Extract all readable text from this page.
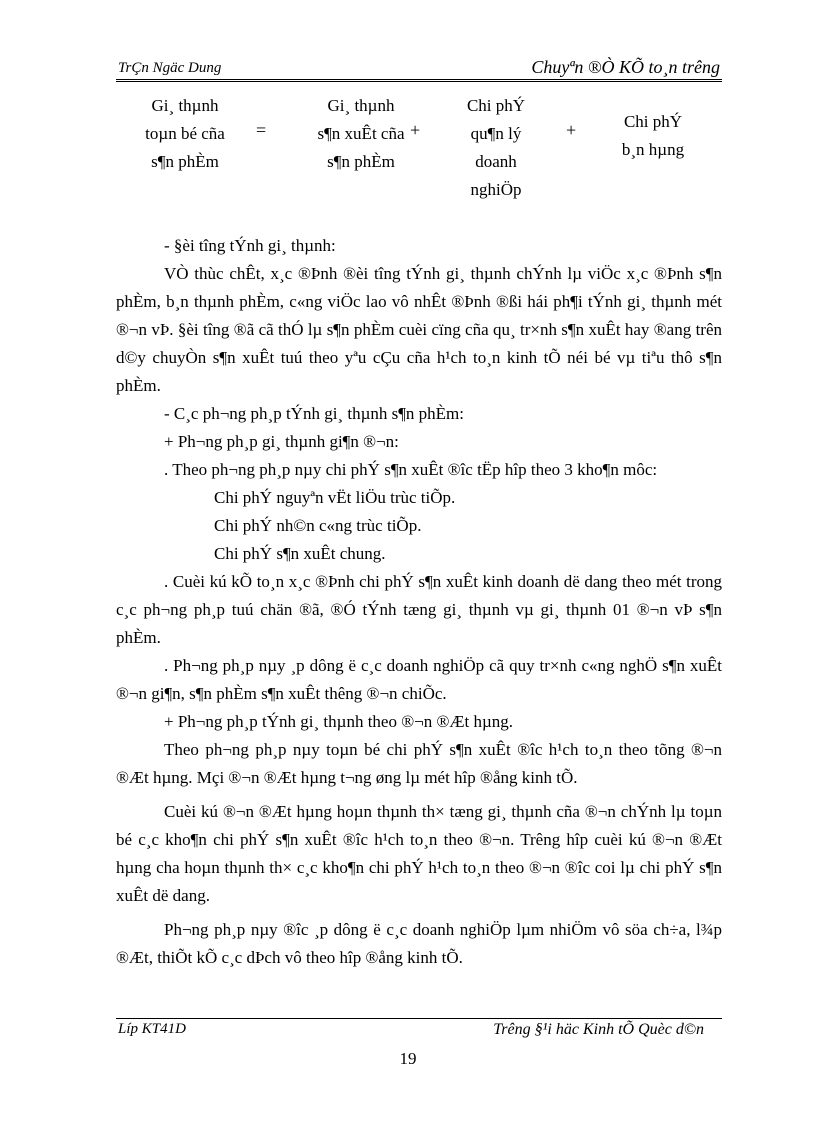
TrÇn Ngäc Dung	Chuyªn ®Ò KÕ to¸n trêng
Gi¸ thµnh
toµn bé cña
s¶n phÈm
=
Gi¸ thµnh
s¶n xuÊt cña
s¶n phÈm
+
Chi phÝ
qu¶n lý
doanh
nghiÖp
+	Chi phÝ
b¸n hµng

- §èi tîng tÝnh gi¸ thµnh:

VÒ thùc chÊt, x¸c ®Þnh ®èi tîng tÝnh gi¸ thµnh chÝnh lµ viÖc x¸c ®Þnh s¶n phÈm, b¸n thµnh phÈm, c«ng viÖc lao vô nhÊt ®Þnh ®ßi hái ph¶i tÝnh gi¸ thµnh mét ®¬n vÞ. §èi tîng ®ã cã thÓ lµ s¶n phÈm cuèi cïng cña qu¸ tr×nh s¶n xuÊt hay ®ang trên d©y chuyÒn s¶n xuÊt tuú theo yªu cÇu cña h¹ch to¸n kinh tÕ néi bé vµ tiªu thô s¶n phÈm.

- C¸c ph¬ng ph¸p tÝnh gi¸ thµnh s¶n phÈm:

+ Ph¬ng ph¸p gi¸ thµnh gi¶n ®¬n:

. Theo ph¬ng ph¸p nµy chi phÝ s¶n xuÊt ®îc tËp hîp theo 3 kho¶n môc:

Chi phÝ nguyªn vËt liÖu trùc tiÕp.

Chi phÝ nh©n c«ng trùc tiÕp.

Chi phÝ s¶n xuÊt chung.

. Cuèi kú kÕ to¸n x¸c ®Þnh chi phÝ s¶n xuÊt kinh doanh dë dang theo mét trong c¸c ph¬ng ph¸p tuú chän ®ã, ®Ó tÝnh tæng gi¸ thµnh vµ gi¸ thµnh 01 ®¬n vÞ s¶n phÈm.

. Ph¬ng ph¸p nµy ¸p dông ë c¸c doanh nghiÖp cã quy tr×nh c«ng nghÖ s¶n xuÊt ®¬n gi¶n, s¶n phÈm s¶n xuÊt thêng ®¬n chiÕc.

+ Ph¬ng ph¸p tÝnh gi¸ thµnh theo ®¬n ®Æt hµng.

Theo ph¬ng ph¸p nµy toµn bé chi phÝ s¶n xuÊt ®îc h¹ch to¸n theo tõng ®¬n ®Æt hµng. Mçi ®¬n ®Æt hµng t¬ng øng lµ mét hîp ®ång kinh tÕ.

Cuèi kú ®¬n ®Æt hµng hoµn thµnh th× tæng gi¸ thµnh cña ®¬n chÝnh lµ toµn bé c¸c kho¶n chi phÝ s¶n xuÊt ®îc h¹ch to¸n theo ®¬n. Trêng hîp cuèi kú ®¬n ®Æt hµng cha hoµn thµnh th× c¸c kho¶n chi phÝ h¹ch to¸n theo ®¬n ®îc coi lµ chi phÝ s¶n xuÊt dë dang.

Ph¬ng ph¸p nµy ®îc ¸p dông ë c¸c doanh nghiÖp lµm nhiÖm vô söa ch÷a, l¾p ®Æt, thiÕt kÕ c¸c dÞch vô theo hîp ®ång kinh tÕ.

Líp KT41D	Trêng §¹i häc Kinh tÕ Quèc d©n
19
